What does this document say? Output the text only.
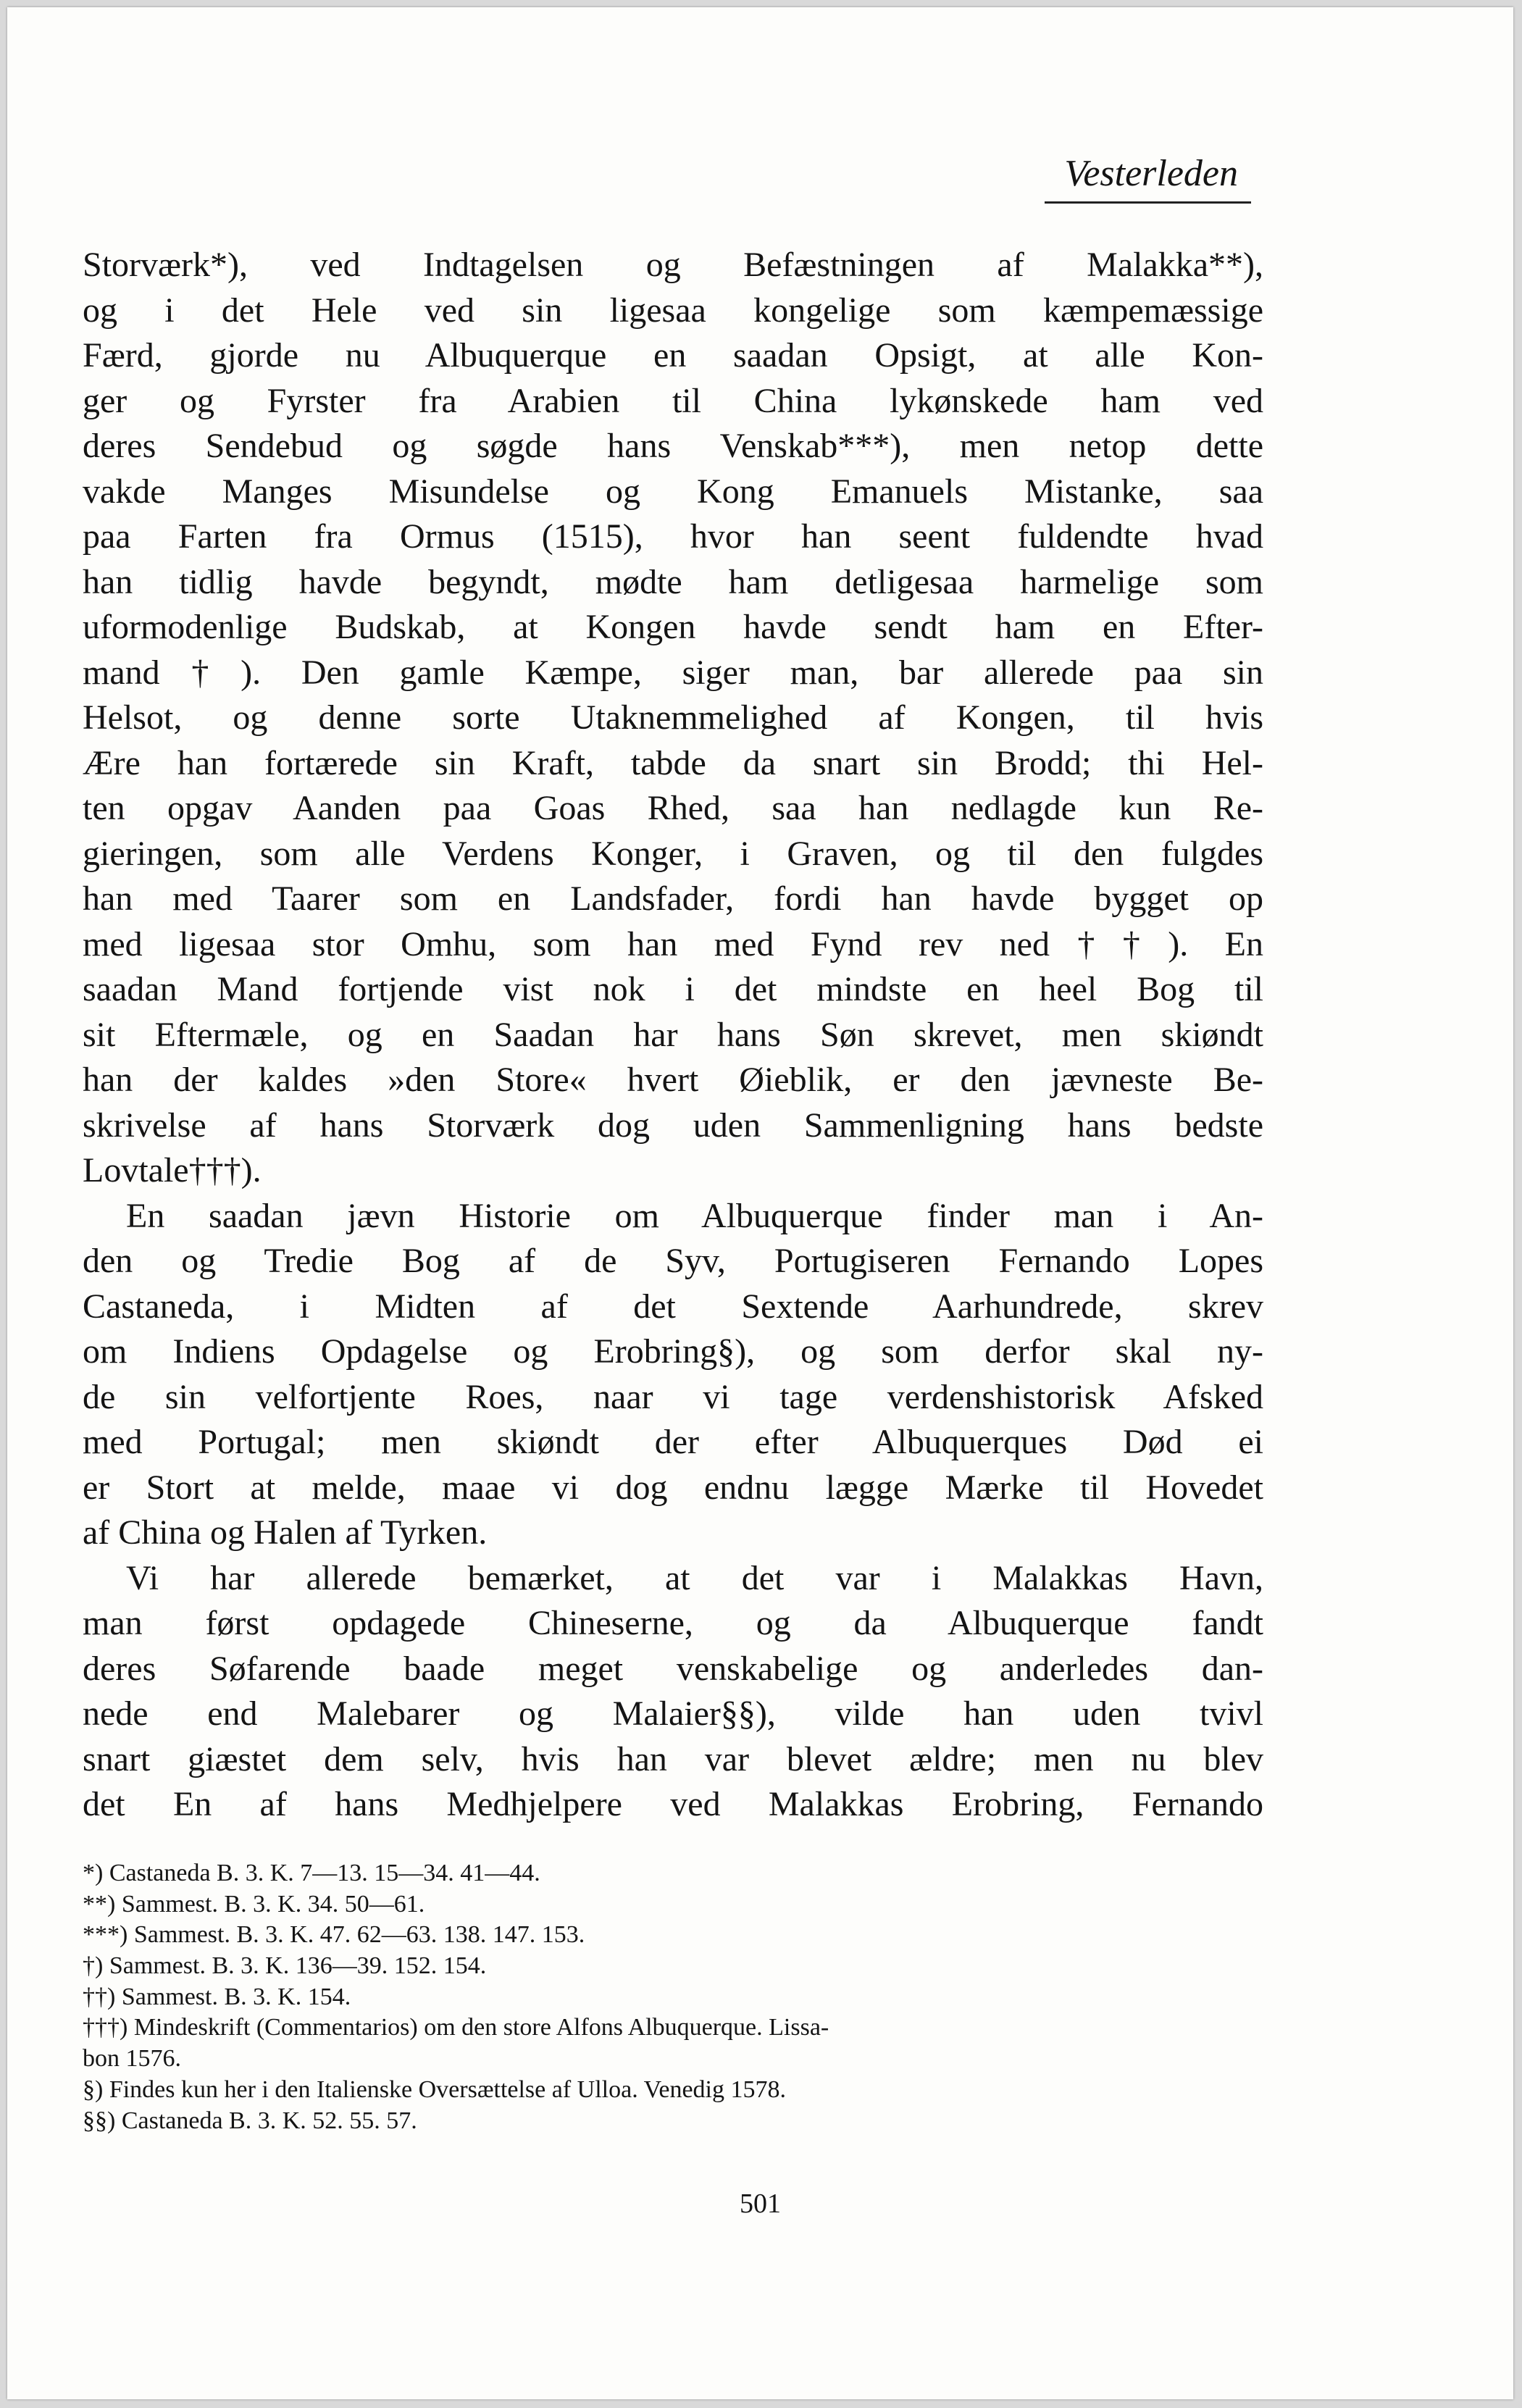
Vesterleden
Storværk*), ved Indtagelsen og Befæstningen af Malakka**),
og i det Hele ved sin ligesaa kongelige som kæmpemæssige
Færd, gjorde nu Albuquerque en saadan Opsigt, at alle Kon-
ger og Fyrster fra Arabien til China lykønskede ham ved
deres Sendebud og søgde hans Venskab***), men netop dette
vakde Manges Misundelse og Kong Emanuels Mistanke, saa
paa Farten fra Ormus (1515), hvor han seent fuldendte hvad
han tidlig havde begyndt, mødte ham detligesaa harmelige som
uformodenlige Budskab, at Kongen havde sendt ham en Efter-
mand†). Den gamle Kæmpe, siger man, bar allerede paa sin
Helsot, og denne sorte Utaknemmelighed af Kongen, til hvis
Ære han fortærede sin Kraft, tabde da snart sin Brodd; thi Hel-
ten opgav Aanden paa Goas Rhed, saa han nedlagde kun Re-
gieringen, som alle Verdens Konger, i Graven, og til den fulgdes
han med Taarer som en Landsfader, fordi han havde bygget op
med ligesaa stor Omhu, som han med Fynd rev ned††). En
saadan Mand fortjende vist nok i det mindste en heel Bog til
sit Eftermæle, og en Saadan har hans Søn skrevet, men skiøndt
han der kaldes »den Store« hvert Øieblik, er den jævneste Be-
skrivelse af hans Storværk dog uden Sammenligning hans bedste
Lovtale†††).
En saadan jævn Historie om Albuquerque finder man i An-
den og Tredie Bog af de Syv, Portugiseren Fernando Lopes
Castaneda, i Midten af det Sextende Aarhundrede, skrev
om Indiens Opdagelse og Erobring§), og som derfor skal ny-
de sin velfortjente Roes, naar vi tage verdenshistorisk Afsked
med Portugal; men skiøndt der efter Albuquerques Død ei
er Stort at melde, maae vi dog endnu lægge Mærke til Hovedet
af China og Halen af Tyrken.
Vi har allerede bemærket, at det var i Malakkas Havn,
man først opdagede Chineserne, og da Albuquerque fandt
deres Søfarende baade meget venskabelige og anderledes dan-
nede end Malebarer og Malaier§§), vilde han uden tvivl
snart giæstet dem selv, hvis han var blevet ældre; men nu blev
det En af hans Medhjelpere ved Malakkas Erobring, Fernando
*) Castaneda B. 3. K. 7—13. 15—34. 41—44.
**) Sammest. B. 3. K. 34. 50—61.
***) Sammest. B. 3. K. 47. 62—63. 138. 147. 153.
†) Sammest. B. 3. K. 136—39. 152. 154.
††) Sammest. B. 3. K. 154.
†††) Mindeskrift (Commentarios) om den store Alfons Albuquerque. Lissa-
bon 1576.
§) Findes kun her i den Italienske Oversættelse af Ulloa. Venedig 1578.
§§) Castaneda B. 3. K. 52. 55. 57.
501
